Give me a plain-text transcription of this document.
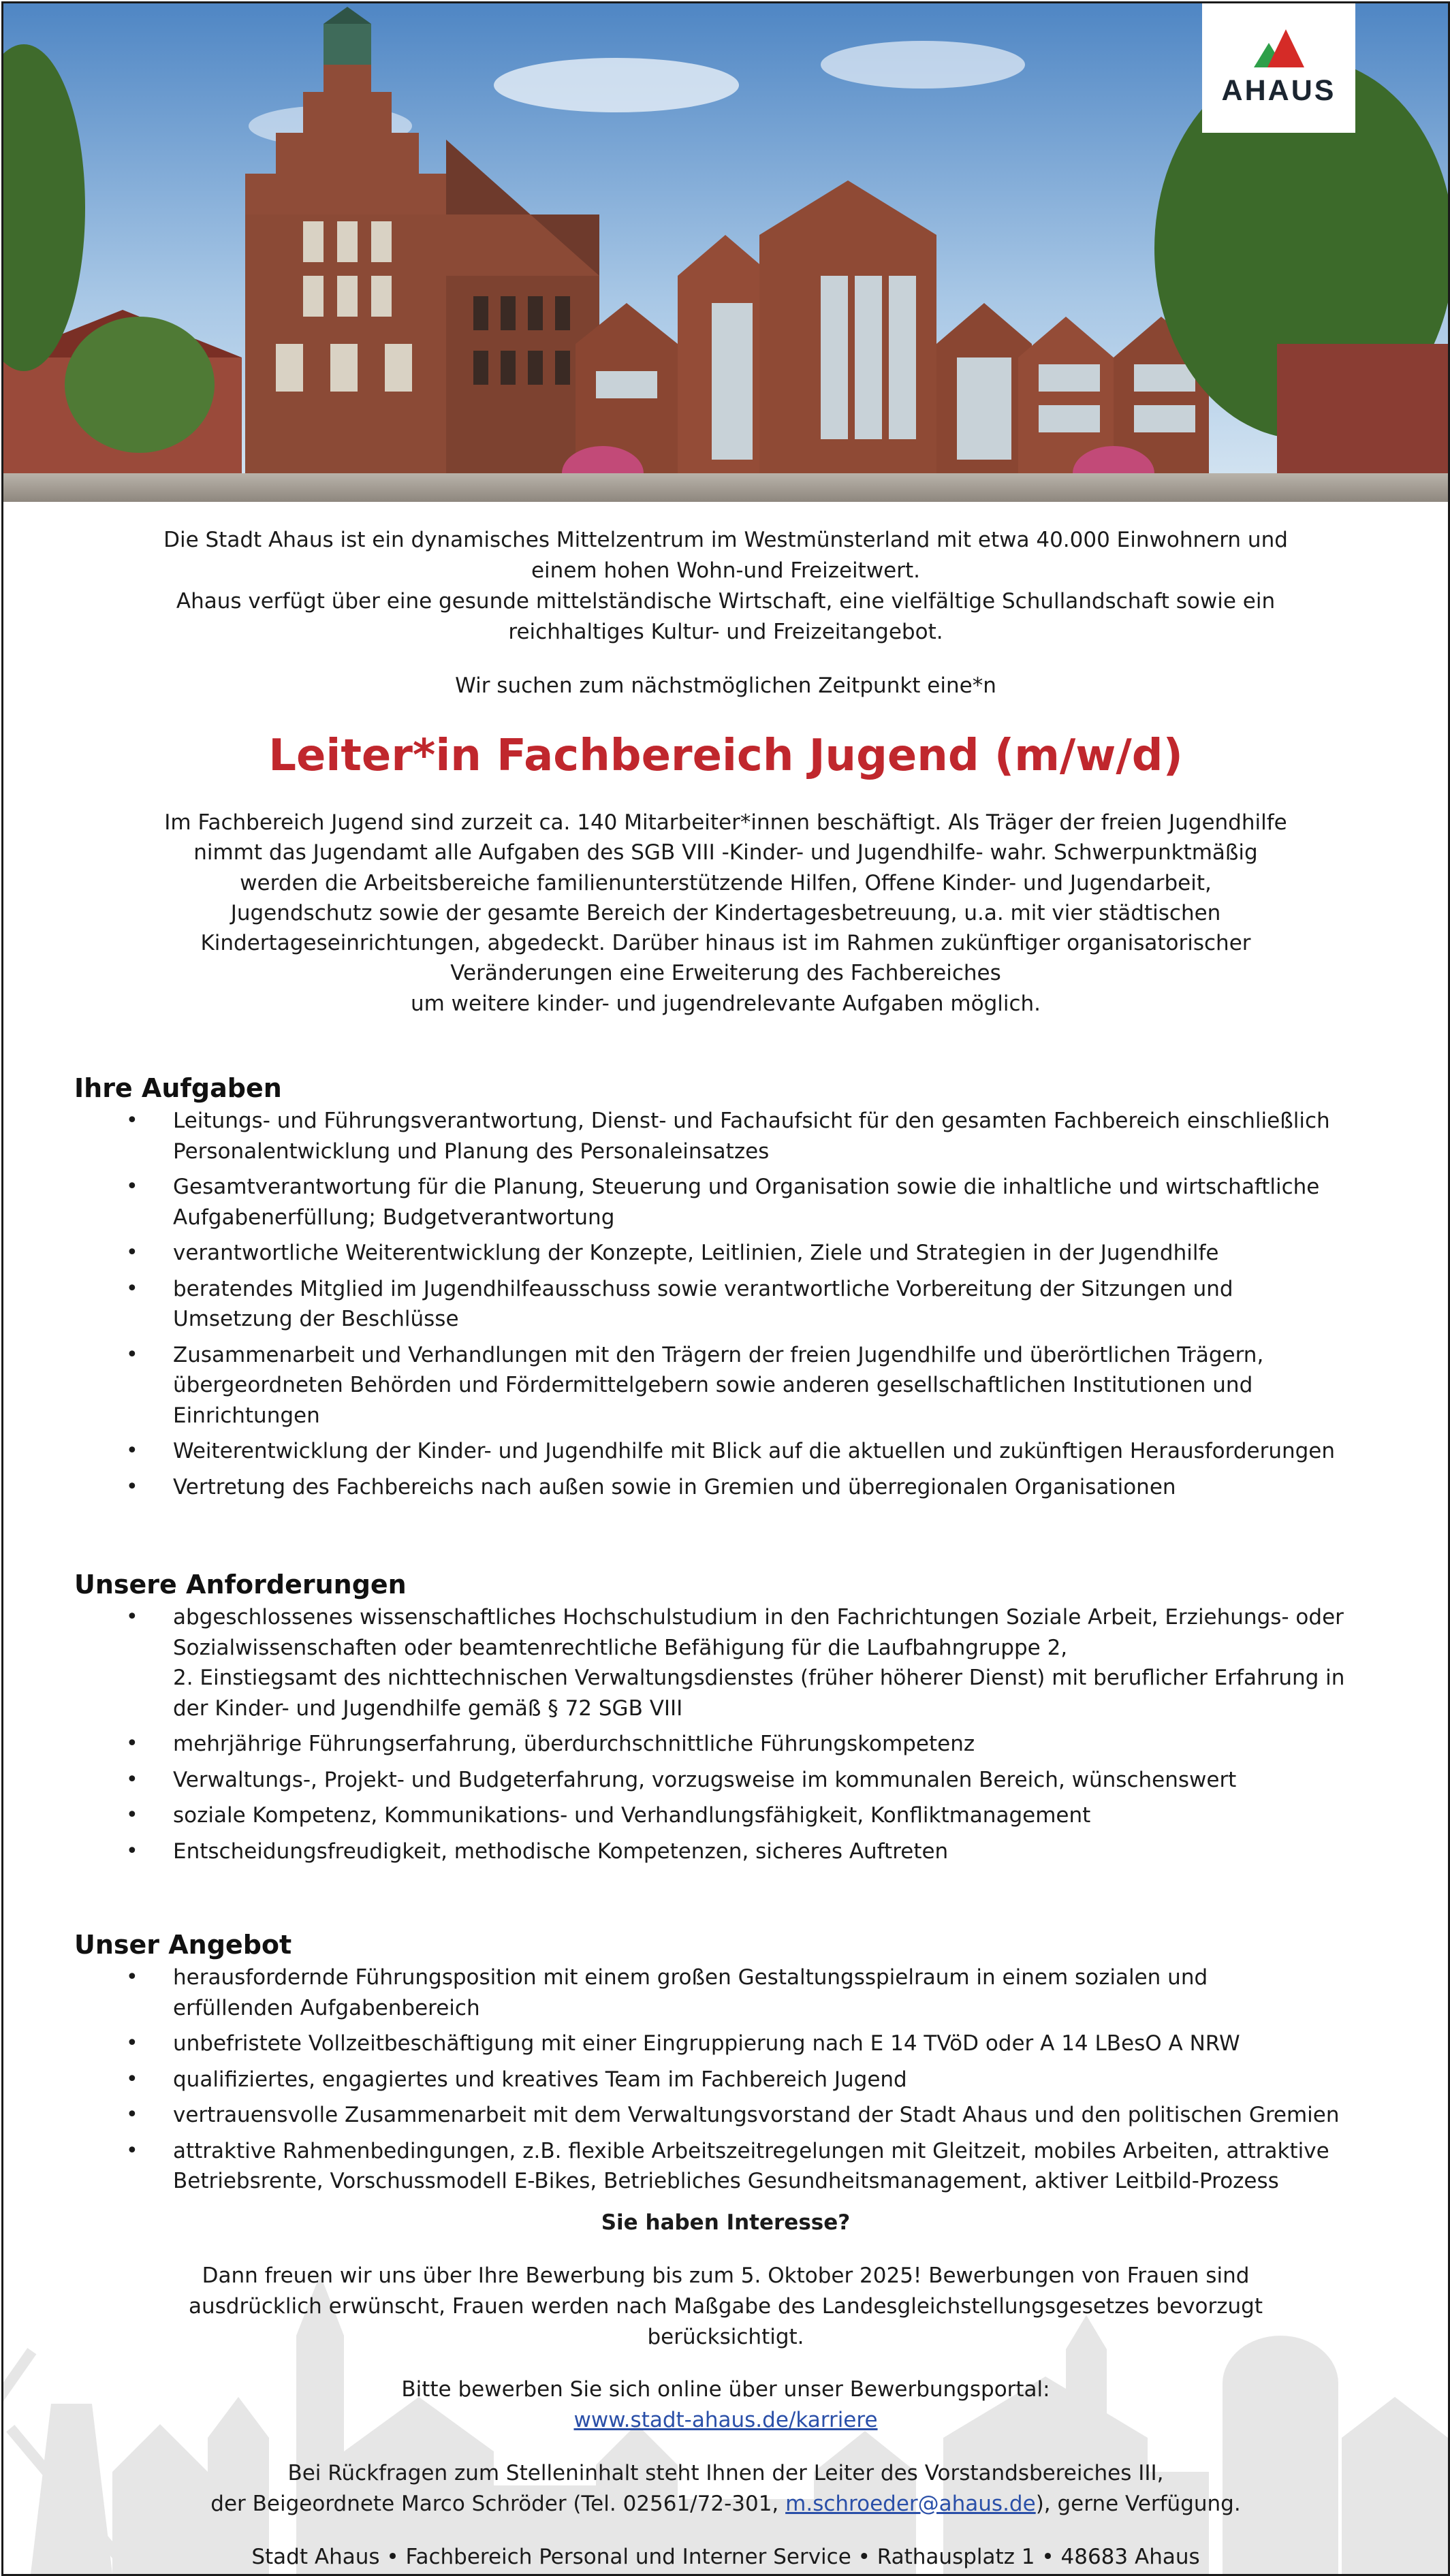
AHAUS

Die Stadt Ahaus ist ein dynamisches Mittelzentrum im Westmünsterland mit etwa 40.000 Einwohnern und

einem hohen Wohn-und Freizeitwert.

Ahaus verfügt über eine gesunde mittelständische Wirtschaft, eine vielfältige Schullandschaft sowie ein

reichhaltiges Kultur- und Freizeitangebot.

Wir suchen zum nächstmöglichen Zeitpunkt eine*n
Leiter*in Fachbereich Jugend (m/w/d)
Im Fachbereich Jugend sind zurzeit ca. 140 Mitarbeiter*innen beschäftigt. Als Träger der freien Jugendhilfe
nimmt das Jugendamt alle Aufgaben des SGB VIII -Kinder- und Jugendhilfe- wahr. Schwerpunktmäßig
werden die Arbeitsbereiche familienunterstützende Hilfen, Offene Kinder- und Jugendarbeit,
Jugendschutz sowie der gesamte Bereich der Kindertagesbetreuung, u.a. mit vier städtischen
Kindertageseinrichtungen, abgedeckt. Darüber hinaus ist im Rahmen zukünftiger organisatorischer
Veränderungen eine Erweiterung des Fachbereiches
um weitere kinder- und jugendrelevante Aufgaben möglich.
Ihre Aufgaben
• Leitungs- und Führungsverantwortung, Dienst- und Fachaufsicht für den gesamten Fachbereich einschließlich
Personalentwicklung und Planung des Personaleinsatzes
• Gesamtverantwortung für die Planung, Steuerung und Organisation sowie die inhaltliche und wirtschaftliche
Aufgabenerfüllung; Budgetverantwortung
• verantwortliche Weiterentwicklung der Konzepte, Leitlinien, Ziele und Strategien in der Jugendhilfe
• beratendes Mitglied im Jugendhilfeausschuss sowie verantwortliche Vorbereitung der Sitzungen und
Umsetzung der Beschlüsse
• Zusammenarbeit und Verhandlungen mit den Trägern der freien Jugendhilfe und überörtlichen Trägern,
übergeordneten Behörden und Fördermittelgebern sowie anderen gesellschaftlichen Institutionen und
Einrichtungen
• Weiterentwicklung der Kinder- und Jugendhilfe mit Blick auf die aktuellen und zukünftigen Herausforderungen
• Vertretung des Fachbereichs nach außen sowie in Gremien und überregionalen Organisationen
Unsere Anforderungen
• abgeschlossenes wissenschaftliches Hochschulstudium in den Fachrichtungen Soziale Arbeit, Erziehungs- oder
Sozialwissenschaften oder beamtenrechtliche Befähigung für die Laufbahngruppe 2,
2. Einstiegsamt des nichttechnischen Verwaltungsdienstes (früher höherer Dienst) mit beruflicher Erfahrung in
der Kinder- und Jugendhilfe gemäß § 72 SGB VIII
• mehrjährige Führungserfahrung, überdurchschnittliche Führungskompetenz
• Verwaltungs-, Projekt- und Budgeterfahrung, vorzugsweise im kommunalen Bereich, wünschenswert
• soziale Kompetenz, Kommunikations- und Verhandlungsfähigkeit, Konfliktmanagement
• Entscheidungsfreudigkeit, methodische Kompetenzen, sicheres Auftreten
Unser Angebot
• herausfordernde Führungsposition mit einem großen Gestaltungsspielraum in einem sozialen und
erfüllenden Aufgabenbereich
• unbefristete Vollzeitbeschäftigung mit einer Eingruppierung nach E 14 TVöD oder A 14 LBesO A NRW
• qualifiziertes, engagiertes und kreatives Team im Fachbereich Jugend
• vertrauensvolle Zusammenarbeit mit dem Verwaltungsvorstand der Stadt Ahaus und den politischen Gremien
• attraktive Rahmenbedingungen, z.B. flexible Arbeitszeitregelungen mit Gleitzeit, mobiles Arbeiten, attraktive
Betriebsrente, Vorschussmodell E-Bikes, Betriebliches Gesundheitsmanagement, aktiver Leitbild-Prozess
Sie haben Interesse?
Dann freuen wir uns über Ihre Bewerbung bis zum 5. Oktober 2025! Bewerbungen von Frauen sind
ausdrücklich erwünscht, Frauen werden nach Maßgabe des Landesgleichstellungsgesetzes bevorzugt
berücksichtigt.
Bitte bewerben Sie sich online über unser Bewerbungsportal:
www.stadt-ahaus.de/karriere
Bei Rückfragen zum Stelleninhalt steht Ihnen der Leiter des Vorstandsbereiches III,
der Beigeordnete Marco Schröder (Tel. 02561/72-301, m.schroeder@ahaus.de), gerne Verfügung.
Stadt Ahaus • Fachbereich Personal und Interner Service • Rathausplatz 1 • 48683 Ahaus
